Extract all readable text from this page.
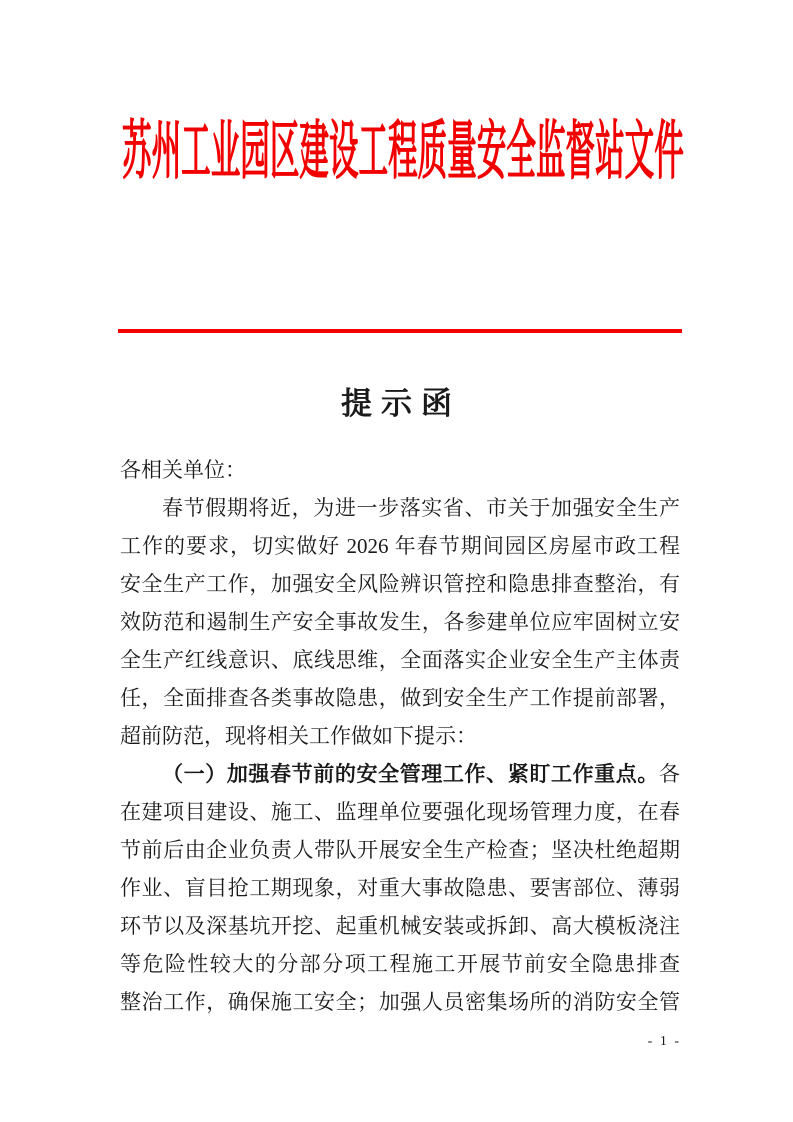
苏州工业园区建设工程质量安全监督站文件
提示函
各相关单位：
春节假期将近，为进一步落实省、市关于加强安全生产
工作的要求，切实做好 2026 年春节期间园区房屋市政工程
安全生产工作，加强安全风险辨识管控和隐患排查整治，有
效防范和遏制生产安全事故发生，各参建单位应牢固树立安
全生产红线意识、底线思维，全面落实企业安全生产主体责
任，全面排查各类事故隐患，做到安全生产工作提前部署，
超前防范，现将相关工作做如下提示：
（一）加强春节前的安全管理工作、紧盯工作重点。各
在建项目建设、施工、监理单位要强化现场管理力度，在春
节前后由企业负责人带队开展安全生产检查；坚决杜绝超期
作业、盲目抢工期现象，对重大事故隐患、要害部位、薄弱
环节以及深基坑开挖、起重机械安装或拆卸、高大模板浇注
等危险性较大的分部分项工程施工开展节前安全隐患排查
整治工作，确保施工安全；加强人员密集场所的消防安全管
- 1 -
